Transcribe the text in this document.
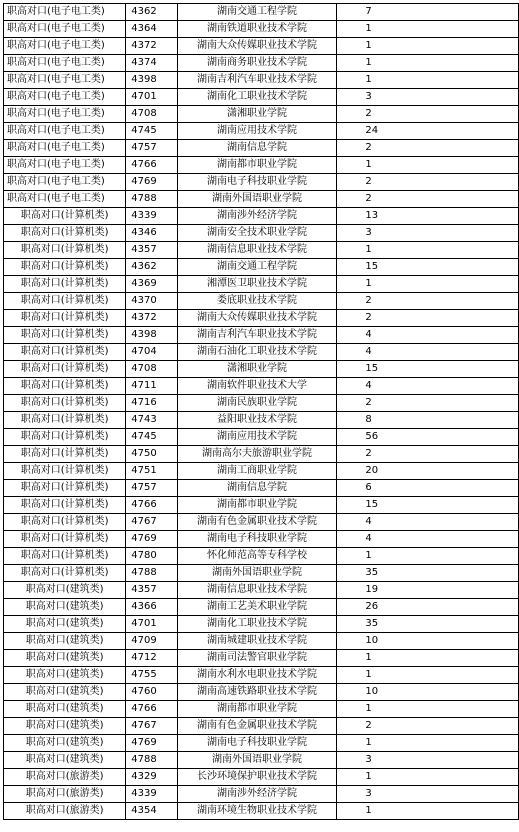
职高对口(电子电工类)	4362	湖南交通工程学院	7
职高对口(电子电工类)	4364	湖南铁道职业技术学院	1
职高对口(电子电工类)	4372	湖南大众传媒职业技术学院	1
职高对口(电子电工类)	4374	湖南商务职业技术学院	1
职高对口(电子电工类)	4398	湖南吉利汽车职业技术学院	1
职高对口(电子电工类)	4701	湖南化工职业技术学院	3
职高对口(电子电工类)	4708	潇湘职业学院	2
职高对口(电子电工类)	4745	湖南应用技术学院	24
职高对口(电子电工类)	4757	湖南信息学院	2
职高对口(电子电工类)	4766	湖南都市职业学院	1
职高对口(电子电工类)	4769	湖南电子科技职业学院	2
职高对口(电子电工类)	4788	湖南外国语职业学院	2
职高对口(计算机类)	4339	湖南涉外经济学院	13
职高对口(计算机类)	4346	湖南安全技术职业学院	3
职高对口(计算机类)	4357	湖南信息职业技术学院	1
职高对口(计算机类)	4362	湖南交通工程学院	15
职高对口(计算机类)	4369	湘潭医卫职业技术学院	1
职高对口(计算机类)	4370	娄底职业技术学院	2
职高对口(计算机类)	4372	湖南大众传媒职业技术学院	2
职高对口(计算机类)	4398	湖南吉利汽车职业技术学院	4
职高对口(计算机类)	4704	湖南石油化工职业技术学院	4
职高对口(计算机类)	4708	潇湘职业学院	15
职高对口(计算机类)	4711	湖南软件职业技术大学	4
职高对口(计算机类)	4716	湖南民族职业学院	2
职高对口(计算机类)	4743	益阳职业技术学院	8
职高对口(计算机类)	4745	湖南应用技术学院	56
职高对口(计算机类)	4750	湖南高尔夫旅游职业学院	2
职高对口(计算机类)	4751	湖南工商职业学院	20
职高对口(计算机类)	4757	湖南信息学院	6
职高对口(计算机类)	4766	湖南都市职业学院	15
职高对口(计算机类)	4767	湖南有色金属职业技术学院	4
职高对口(计算机类)	4769	湖南电子科技职业学院	4
职高对口(计算机类)	4780	怀化师范高等专科学校	1
职高对口(计算机类)	4788	湖南外国语职业学院	35
职高对口(建筑类)	4357	湖南信息职业技术学院	19
职高对口(建筑类)	4366	湖南工艺美术职业学院	26
职高对口(建筑类)	4701	湖南化工职业技术学院	35
职高对口(建筑类)	4709	湖南城建职业技术学院	10
职高对口(建筑类)	4712	湖南司法警官职业学院	1
职高对口(建筑类)	4755	湖南水利水电职业技术学院	1
职高对口(建筑类)	4760	湖南高速铁路职业技术学院	10
职高对口(建筑类)	4766	湖南都市职业学院	1
职高对口(建筑类)	4767	湖南有色金属职业技术学院	2
职高对口(建筑类)	4769	湖南电子科技职业学院	1
职高对口(建筑类)	4788	湖南外国语职业学院	3
职高对口(旅游类)	4329	长沙环境保护职业技术学院	1
职高对口(旅游类)	4339	湖南涉外经济学院	3
职高对口(旅游类)	4354	湖南环境生物职业技术学院	1
